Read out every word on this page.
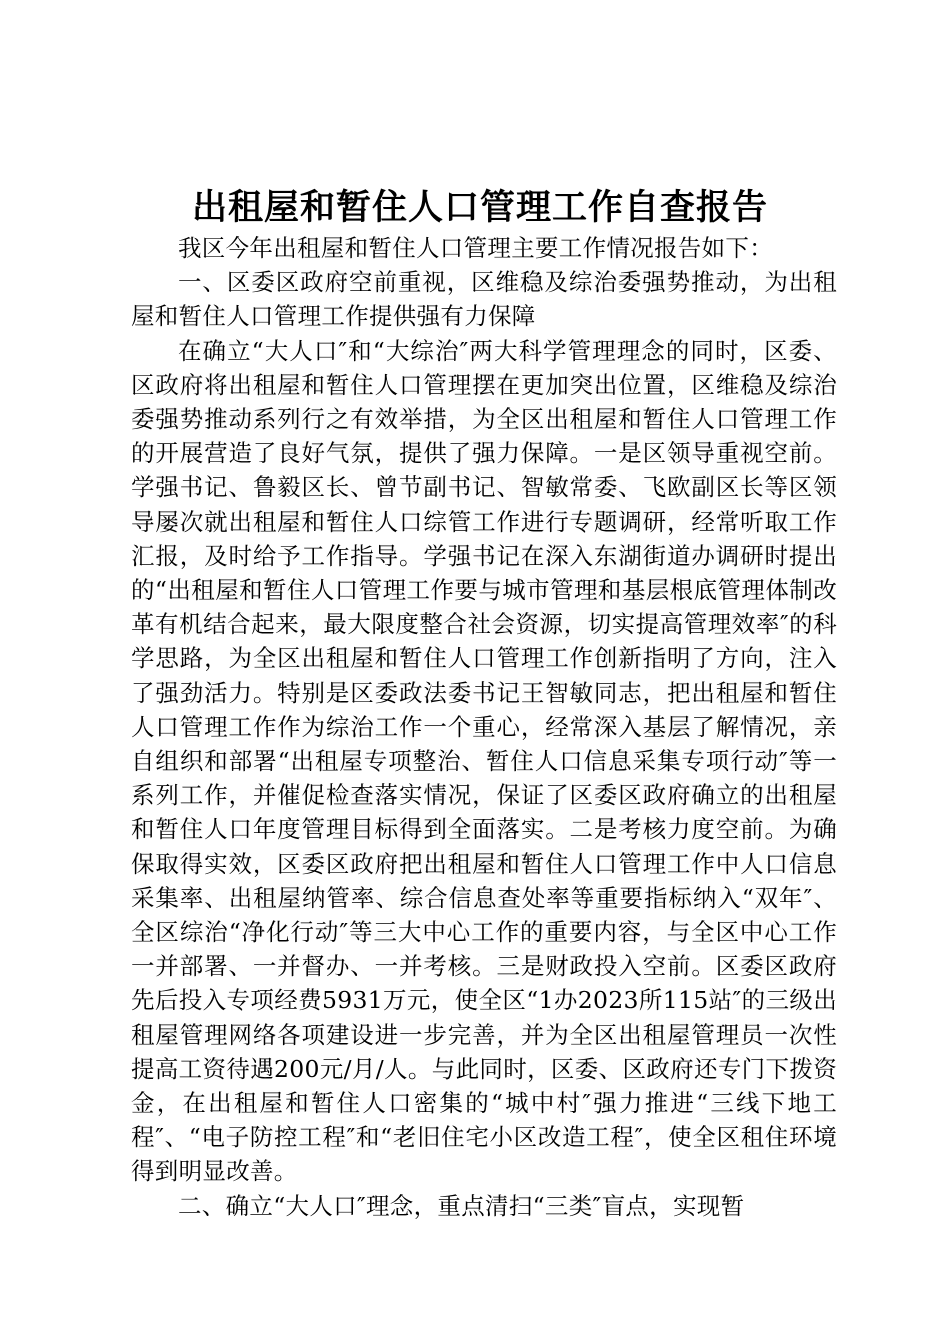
出租屋和暂住人口管理工作自查报告

我区今年出租屋和暂住人口管理主要工作情况报告如下：

一、区委区政府空前重视，区维稳及综治委强势推动，为出租屋和暂住人口管理工作提供强有力保障

在确立“大人口″和“大综治″两大科学管理理念的同时，区委、区政府将出租屋和暂住人口管理摆在更加突出位置，区维稳及综治委强势推动系列行之有效举措，为全区出租屋和暂住人口管理工作的开展营造了良好气氛，提供了强力保障。一是区领导重视空前。学强书记、鲁毅区长、曾节副书记、智敏常委、飞欧副区长等区领导屡次就出租屋和暂住人口综管工作进行专题调研，经常听取工作汇报，及时给予工作指导。学强书记在深入东湖街道办调研时提出的“出租屋和暂住人口管理工作要与城市管理和基层根底管理体制改革有机结合起来，最大限度整合社会资源，切实提高管理效率″的科学思路，为全区出租屋和暂住人口管理工作创新指明了方向，注入了强劲活力。特别是区委政法委书记王智敏同志，把出租屋和暂住人口管理工作作为综治工作一个重心，经常深入基层了解情况，亲自组织和部署“出租屋专项整治、暂住人口信息采集专项行动″等一系列工作，并催促检查落实情况，保证了区委区政府确立的出租屋和暂住人口年度管理目标得到全面落实。二是考核力度空前。为确保取得实效，区委区政府把出租屋和暂住人口管理工作中人口信息采集率、出租屋纳管率、综合信息查处率等重要指标纳入“双年″、全区综治“净化行动″等三大中心工作的重要内容，与全区中心工作一并部署、一并督办、一并考核。三是财政投入空前。区委区政府先后投入专项经费5931万元，使全区“1办2023所115站″的三级出租屋管理网络各项建设进一步完善，并为全区出租屋管理员一次性提高工资待遇200元/月/人。与此同时，区委、区政府还专门下拨资金，在出租屋和暂住人口密集的“城中村″强力推进“三线下地工程″、“电子防控工程″和“老旧住宅小区改造工程″，使全区租住环境得到明显改善。

二、确立“大人口″理念，重点清扫“三类″盲点，实现暂
